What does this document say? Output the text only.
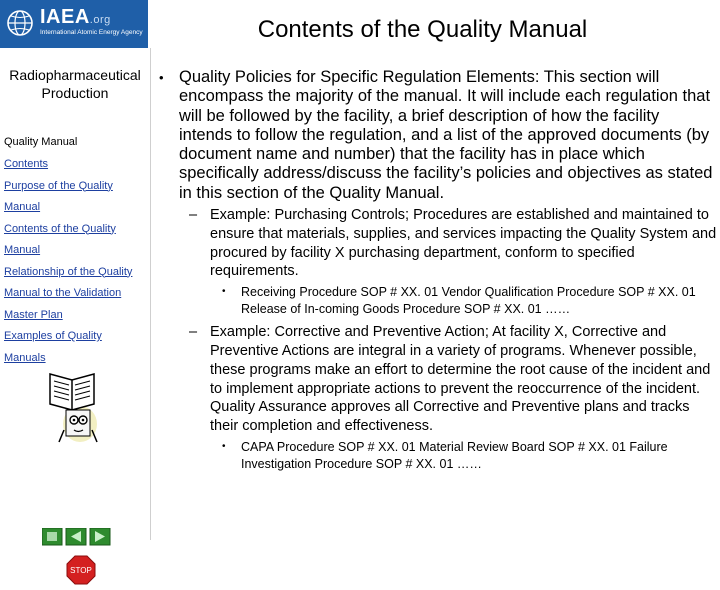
IAEA.org
International Atomic Energy Agency	Contents of the Quality Manual
Radiopharmaceutical Production
Quality Manual
Contents
Purpose of the Quality
Manual
Contents of the Quality
Manual
Relationship of the Quality
Manual to the Validation
Master Plan
Examples of Quality
Manuals
STOP
• Quality Policies for Specific Regulation Elements: This section will encompass the majority of the manual. It will include each regulation that will be followed by the facility, a brief description of how the facility intends to follow the regulation, and a list of the approved documents (by document name and number) that the facility has in place which specifically address/discuss the facility’s policies and objectives as stated in this section of the Quality Manual.
– Example: Purchasing Controls; Procedures are established and maintained to ensure that materials, supplies, and services impacting the Quality System and procured by facility X purchasing department, conform to specified requirements.
• Receiving Procedure SOP # XX. 01 Vendor Qualification Procedure SOP # XX. 01 Release of In-coming Goods Procedure SOP # XX. 01 ……
– Example: Corrective and Preventive Action; At facility X, Corrective and Preventive Actions are integral in a variety of programs. Whenever possible, these programs make an effort to determine the root cause of the incident and to implement appropriate actions to prevent the reoccurrence of the incident. Quality Assurance approves all Corrective and Preventive plans and tracks their completion and effectiveness.
• CAPA Procedure SOP # XX. 01 Material Review Board SOP # XX. 01 Failure Investigation Procedure SOP # XX. 01 ……
